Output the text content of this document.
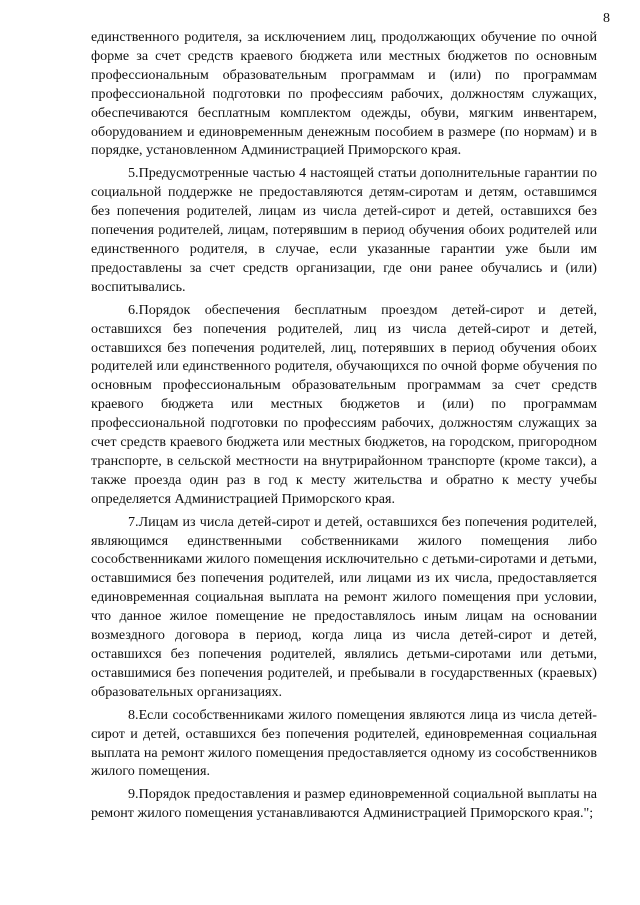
8

единственного родителя, за исключением лиц, продолжающих обучение по очной форме за счет средств краевого бюджета или местных бюджетов по основным профессиональным образовательным программам и (или) по программам профессиональной подготовки по профессиям рабочих, должностям служащих, обеспечиваются бесплатным комплектом одежды, обуви, мягким инвентарем, оборудованием и единовременным денежным пособием в размере (по нормам) и в порядке, установленном Администрацией Приморского края.

5.Предусмотренные частью 4 настоящей статьи дополнительные гарантии по социальной поддержке не предоставляются детям-сиротам и детям, оставшимся без попечения родителей, лицам из числа детей-сирот и детей, оставшихся без попечения родителей, лицам, потерявшим в период обучения обоих родителей или единственного родителя, в случае, если указанные гарантии уже были им предоставлены за счет средств организации, где они ранее обучались и (или) воспитывались.

6.Порядок обеспечения бесплатным проездом детей-сирот и детей, оставшихся без попечения родителей, лиц из числа детей-сирот и детей, оставшихся без попечения родителей, лиц, потерявших в период обучения обоих родителей или единственного родителя, обучающихся по очной форме обучения по основным профессиональным образовательным программам за счет средств краевого бюджета или местных бюджетов и (или) по программам профессиональной подготовки по профессиям рабочих, должностям служащих за счет средств краевого бюджета или местных бюджетов, на городском, пригородном транспорте, в сельской местности на внутрирайонном транспорте (кроме такси), а также проезда один раз в год к месту жительства и обратно к месту учебы определяется Администрацией Приморского края.

7.Лицам из числа детей-сирот и детей, оставшихся без попечения родителей, являющимся единственными собственниками жилого помещения либо сособственниками жилого помещения исключительно с детьми-сиротами и детьми, оставшимися без попечения родителей, или лицами из их числа, предоставляется единовременная социальная выплата на ремонт жилого помещения при условии, что данное жилое помещение не предоставлялось иным лицам на основании возмездного договора в период, когда лица из числа детей-сирот и детей, оставшихся без попечения родителей, являлись детьми-сиротами или детьми, оставшимися без попечения родителей, и пребывали в государственных (краевых) образовательных организациях.

8.Если сособственниками жилого помещения являются лица из числа детей-сирот и детей, оставшихся без попечения родителей, единовременная социальная выплата на ремонт жилого помещения предоставляется одному из сособственников жилого помещения.

9.Порядок предоставления и размер единовременной социальной выплаты на ремонт жилого помещения устанавливаются Администрацией Приморского края.";
